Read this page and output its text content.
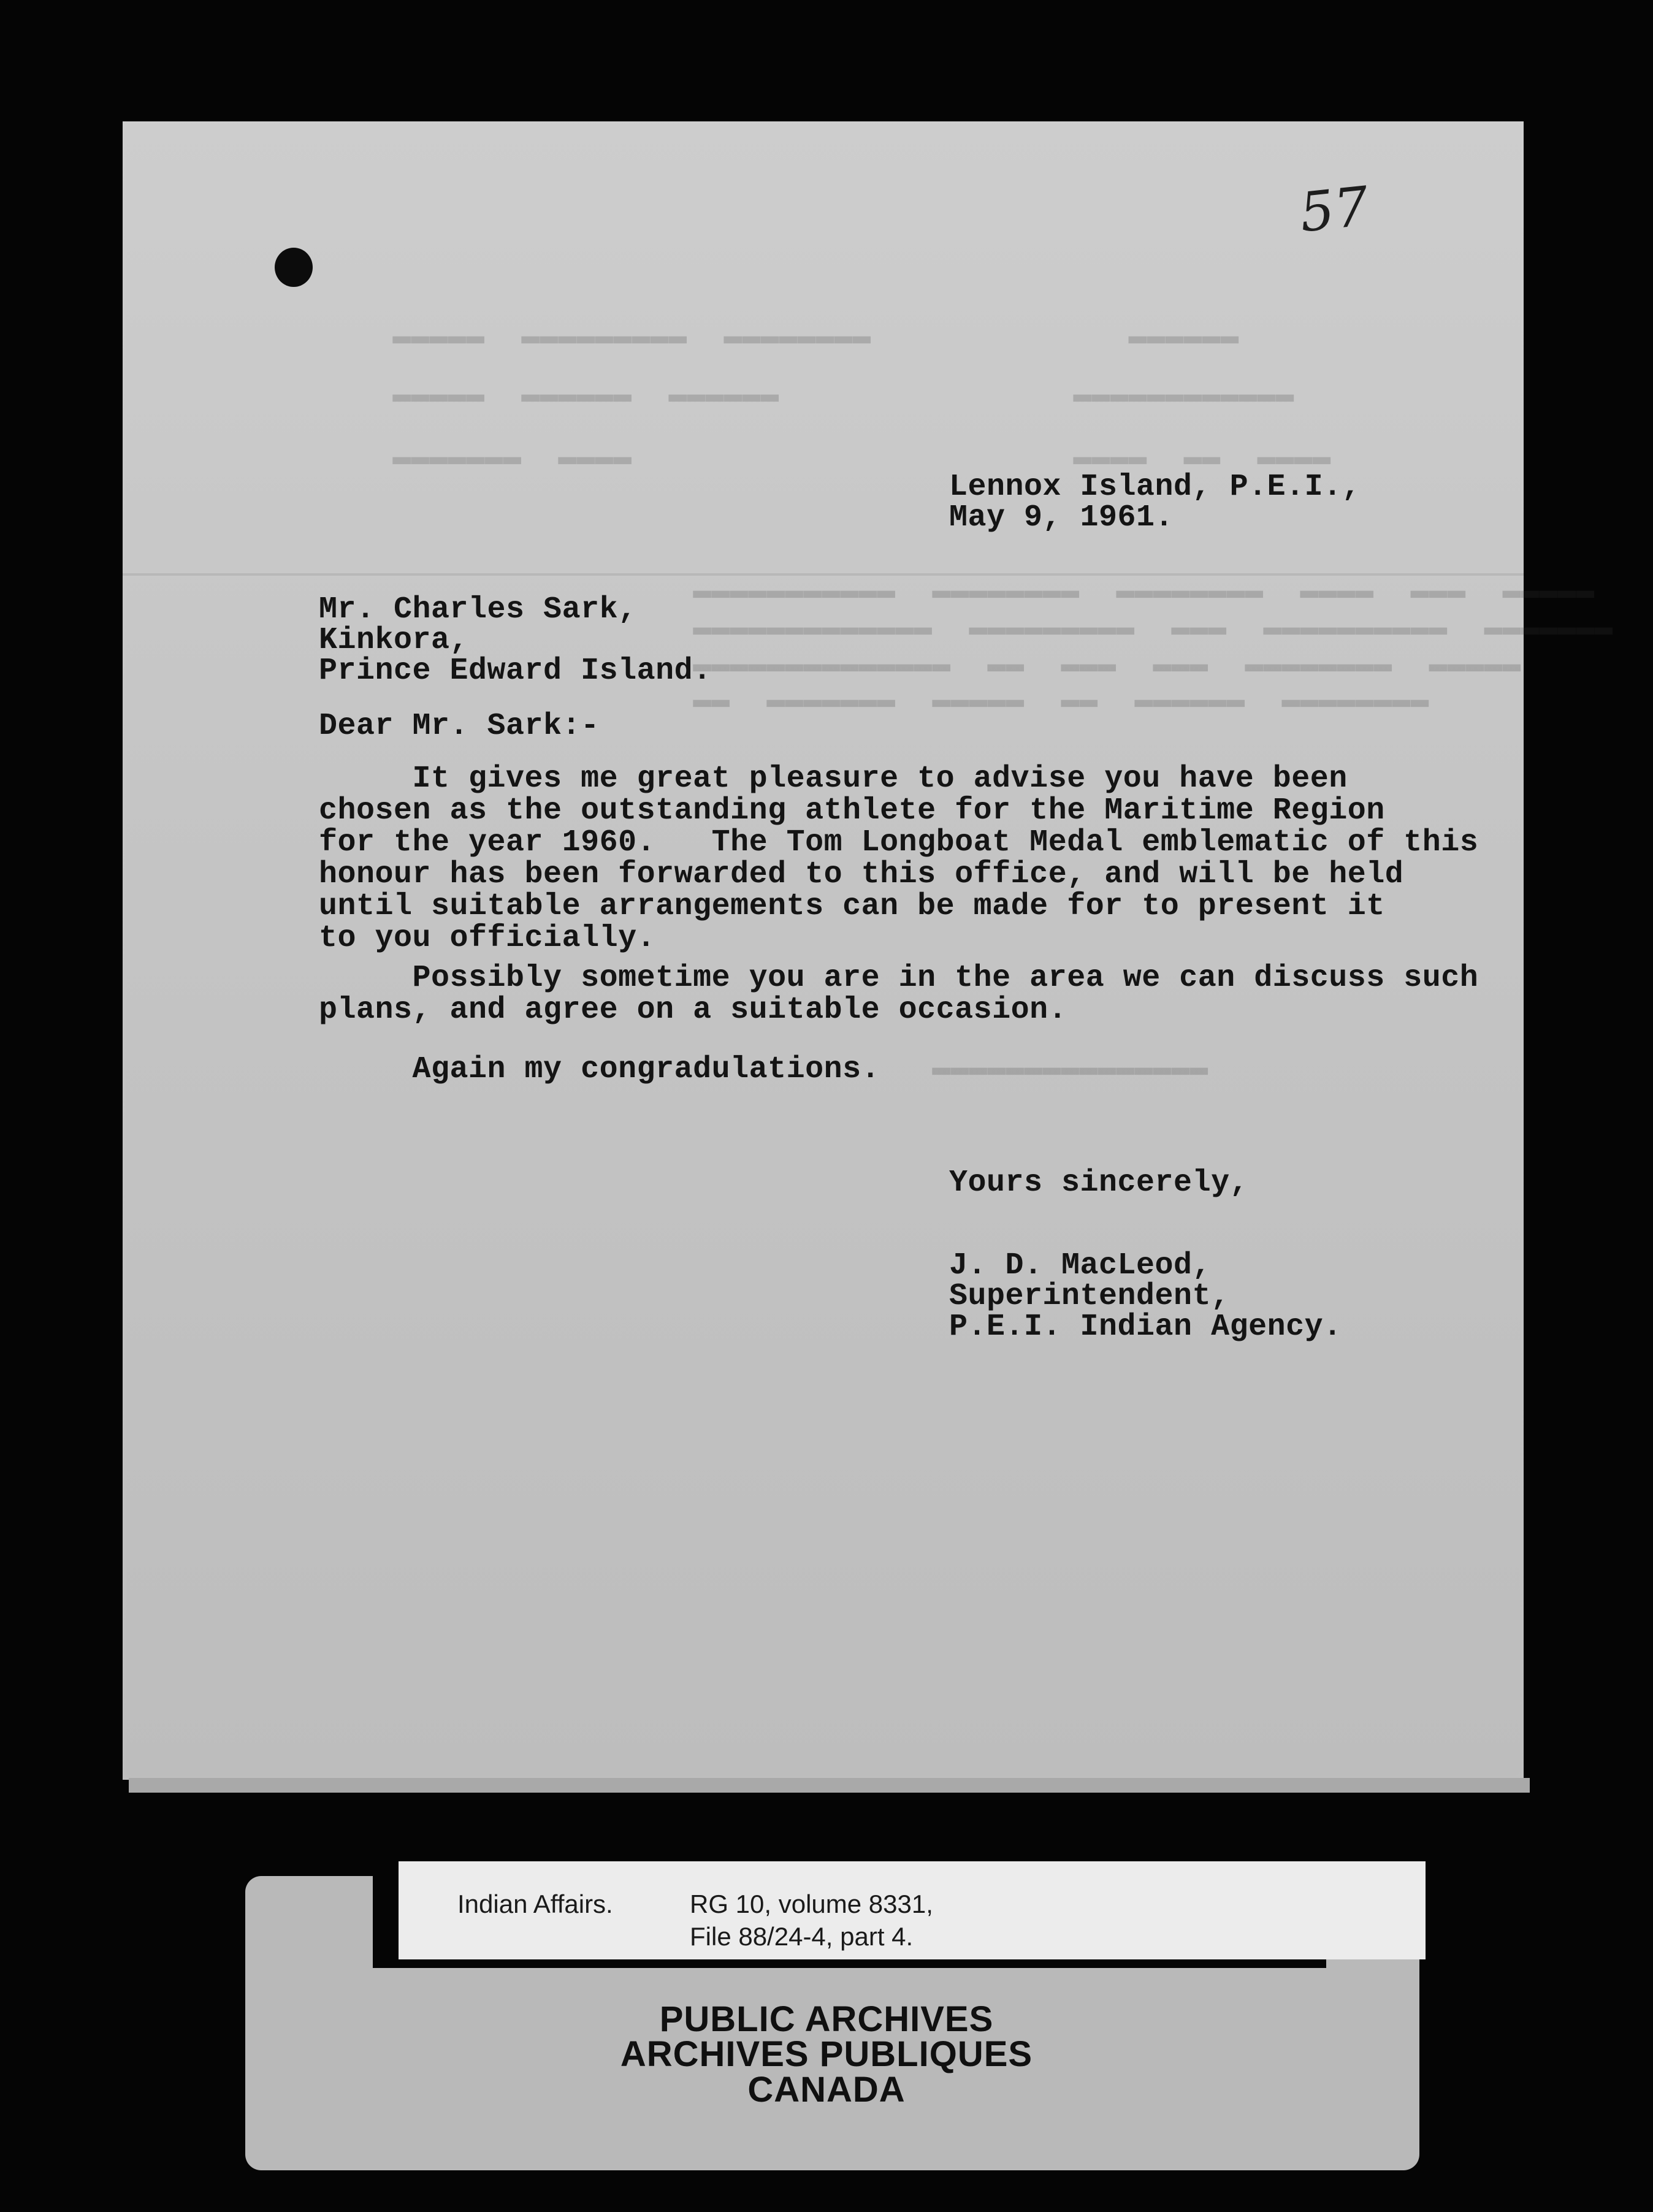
57
▬▬▬▬▬  ▬▬▬▬▬▬▬▬▬  ▬▬▬▬▬▬▬▬              ▬▬▬▬▬▬
▬▬▬▬▬  ▬▬▬▬▬▬  ▬▬▬▬▬▬                ▬▬▬▬▬▬▬▬▬▬▬▬
▬▬▬▬▬▬▬  ▬▬▬▬                        ▬▬▬▬  ▬▬  ▬▬▬▬
▬▬▬▬▬▬▬▬▬▬▬  ▬▬▬▬▬▬▬▬  ▬▬▬▬▬▬▬▬  ▬▬▬▬  ▬▬▬  ▬▬▬▬▬
▬▬▬▬▬▬▬▬▬▬▬▬▬  ▬▬▬▬▬▬▬▬▬  ▬▬▬  ▬▬▬▬▬▬▬▬▬▬  ▬▬▬▬▬▬▬
▬▬▬▬▬▬▬▬▬▬▬▬▬▬  ▬▬  ▬▬▬  ▬▬▬  ▬▬▬▬▬▬▬▬  ▬▬▬▬▬
▬▬  ▬▬▬▬▬▬▬  ▬▬▬▬▬  ▬▬  ▬▬▬▬▬▬  ▬▬▬▬▬▬▬▬
▬▬▬▬▬▬▬▬▬▬▬▬▬▬▬
Lennox Island, P.E.I.,
May 9, 1961.
Mr. Charles Sark,
Kinkora,
Prince Edward Island.
Dear Mr. Sark:-
It gives me great pleasure to advise you have been
chosen as the outstanding athlete for the Maritime Region
for the year 1960.   The Tom Longboat Medal emblematic of this
honour has been forwarded to this office, and will be held
until suitable arrangements can be made for to present it
to you officially.
Possibly sometime you are in the area we can discuss such
plans, and agree on a suitable occasion.
Again my congradulations.
Yours sincerely,
J. D. MacLeod,
Superintendent,
P.E.I. Indian Agency.
Indian Affairs.	RG 10, volume 8331,
File 88/24-4, part 4.
PUBLIC ARCHIVES
ARCHIVES PUBLIQUES
CANADA
